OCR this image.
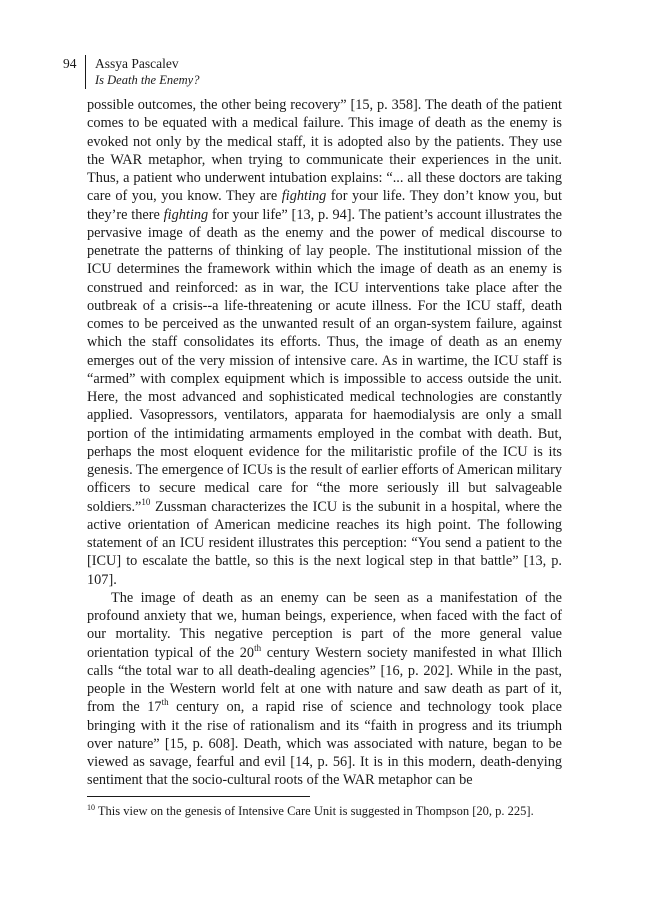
94 Assya Pascalev
Is Death the Enemy?

possible outcomes, the other being recovery” [15, p. 358]. The death of the patient comes to be equated with a medical failure. This image of death as the enemy is evoked not only by the medical staff, it is adopted also by the patients. They use the WAR metaphor, when trying to communicate their experiences in the unit. Thus, a patient who underwent intubation explains: “... all these doctors are taking care of you, you know. They are fighting for your life. They don’t know you, but they’re there fighting for your life” [13, p. 94]. The patient’s account illustrates the pervasive image of death as the enemy and the power of medical discourse to penetrate the patterns of thinking of lay people. The institutional mission of the ICU determines the framework within which the image of death as an enemy is construed and reinforced: as in war, the ICU interventions take place after the outbreak of a crisis--a life-threatening or acute illness. For the ICU staff, death comes to be perceived as the unwanted result of an organ-system failure, against which the staff consolidates its efforts. Thus, the image of death as an enemy emerges out of the very mission of intensive care. As in wartime, the ICU staff is “armed” with complex equipment which is impossible to access outside the unit. Here, the most advanced and sophisticated medical technologies are constantly applied. Vasopressors, ventilators, apparata for haemodialysis are only a small portion of the intimidating armaments employed in the combat with death. But, perhaps the most eloquent evidence for the militaristic profile of the ICU is its genesis. The emergence of ICUs is the result of earlier efforts of American military officers to secure medical care for “the more seriously ill but salvageable soldiers.”$^{10}$ Zussman characterizes the ICU is the subunit in a hospital, where the active orientation of American medicine reaches its high point. The following statement of an ICU resident illustrates this perception: “You send a patient to the [ICU] to escalate the battle, so this is the next logical step in that battle” [13, p. 107].

The image of death as an enemy can be seen as a manifestation of the profound anxiety that we, human beings, experience, when faced with the fact of our mortality. This negative perception is part of the more general value orientation typical of the 20th century Western society manifested in what Illich calls “the total war to all death-dealing agencies” [16, p. 202]. While in the past, people in the Western world felt at one with nature and saw death as part of it, from the 17th century on, a rapid rise of science and technology took place bringing with it the rise of rationalism and its “faith in progress and its triumph over nature” [15, p. 608]. Death, which was associated with nature, began to be viewed as savage, fearful and evil [14, p. 56]. It is in this modern, death-denying sentiment that the socio-cultural roots of the WAR metaphor can be

$^{10}$ This view on the genesis of Intensive Care Unit is suggested in Thompson [20, p. 225].
